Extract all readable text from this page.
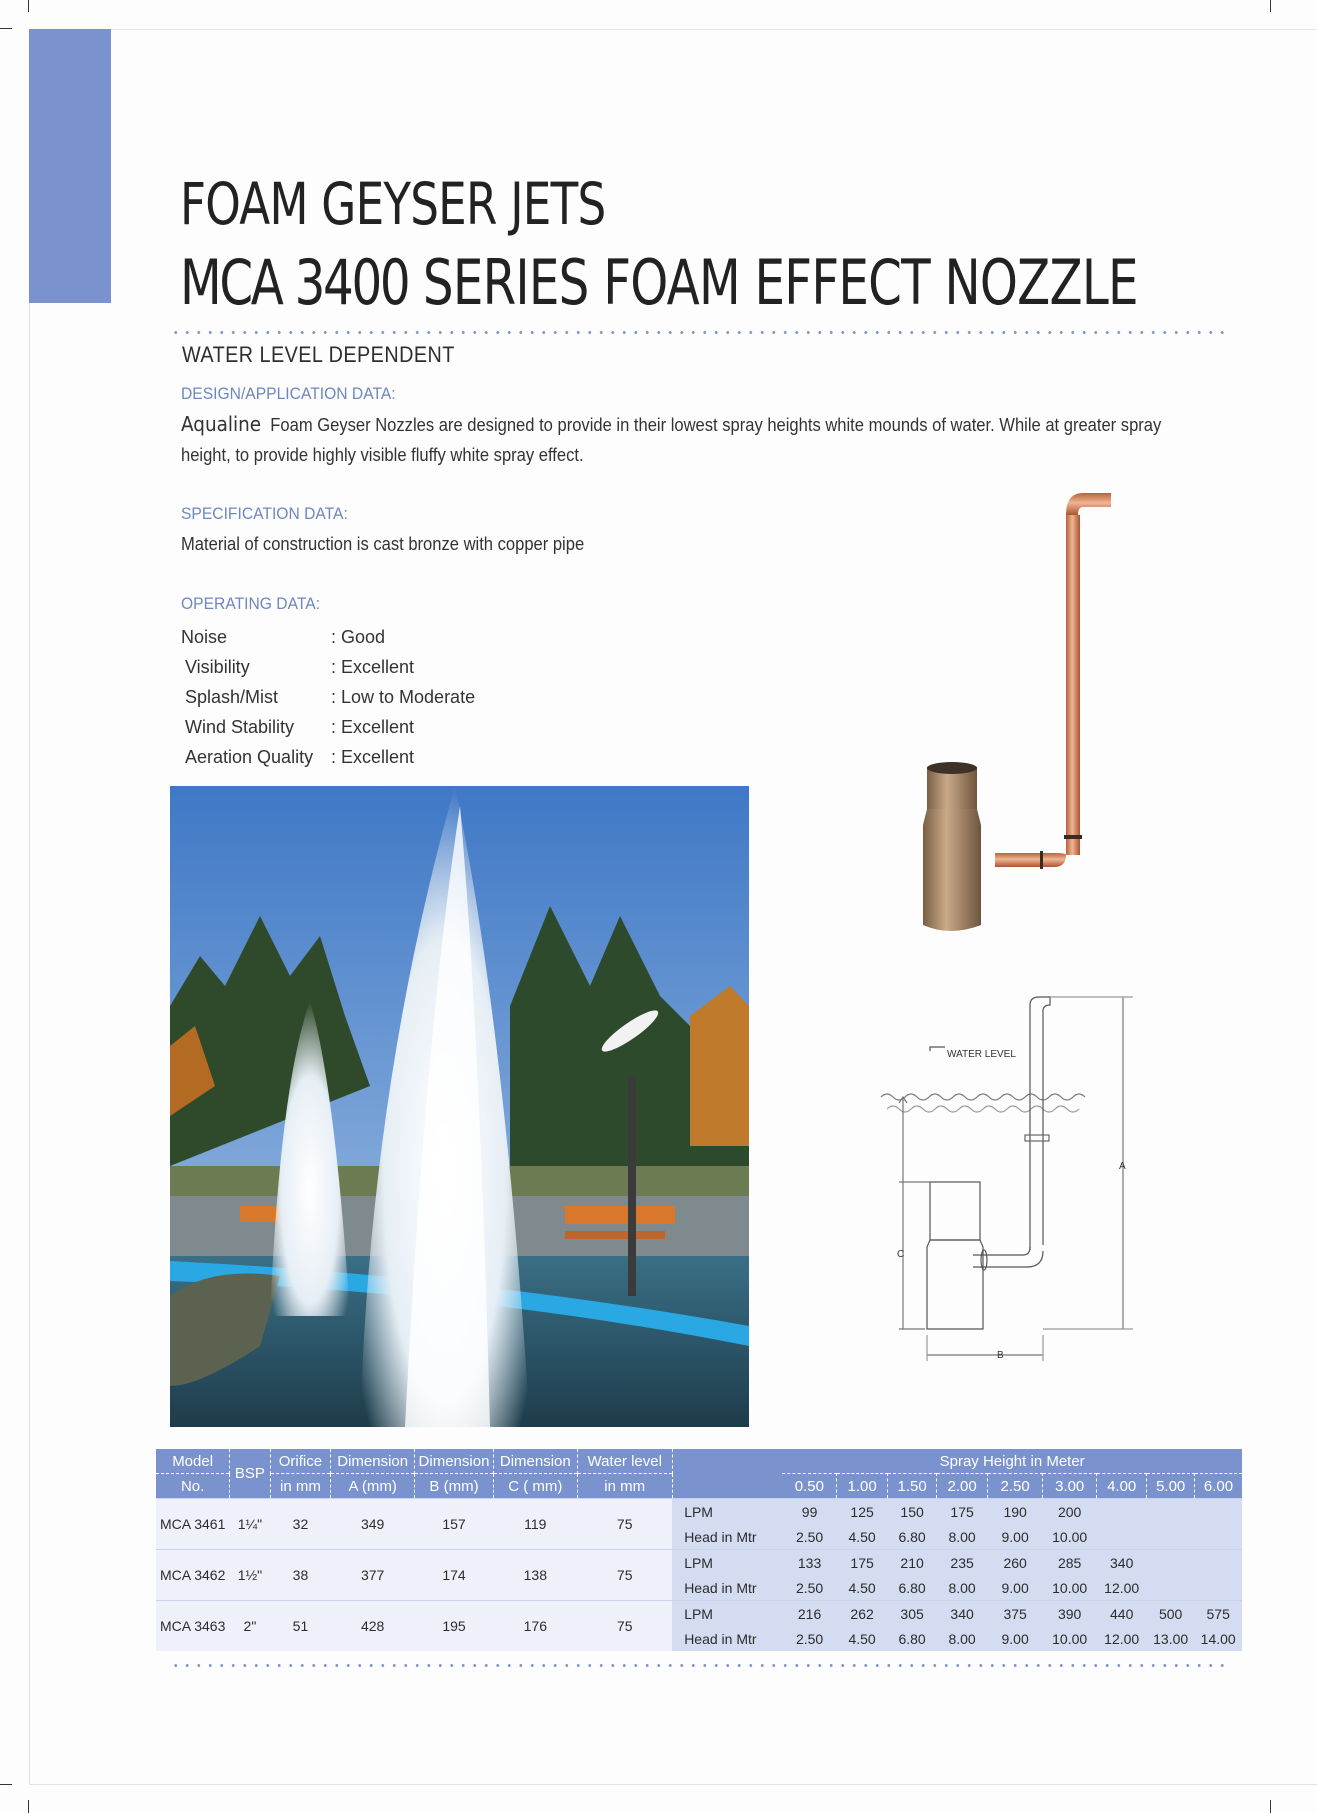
FOAM GEYSER JETS
MCA 3400 SERIES FOAM EFFECT NOZZLE
WATER LEVEL DEPENDENT
DESIGN/APPLICATION DATA:
Aqualine Foam Geyser Nozzles are designed to provide in their lowest spray heights white mounds of water. While at greater spray height, to provide highly visible fluffy white spray effect.
SPECIFICATION DATA:
Material of construction is cast bronze with copper pipe
OPERATING DATA:
Noise	: Good
Visibility	: Excellent
Splash/Mist	: Low to Moderate
Wind Stability	: Excellent
Aeration Quality : Excellent
WATER LEVEL
C
A
B
Model	BSP	Orifice	Dimension	Dimension	Dimension	Water level		Spray Height in Meter								
No.		in mm	A (mm)	B (mm)	C ( mm)	in mm		0.50	1.00	1.50	2.00	2.50	3.00	4.00	5.00	6.00
MCA 3461	1¼"	32	349	157	119	75	LPM	99	125	150	175	190	200			
							Head in Mtr	2.50	4.50	6.80	8.00	9.00	10.00			
MCA 3462	1½"	38	377	174	138	75	LPM	133	175	210	235	260	285	340		
							Head in Mtr	2.50	4.50	6.80	8.00	9.00	10.00	12.00		
MCA 3463	2"	51	428	195	176	75	LPM	216	262	305	340	375	390	440	500	575
							Head in Mtr	2.50	4.50	6.80	8.00	9.00	10.00	12.00	13.00	14.00
